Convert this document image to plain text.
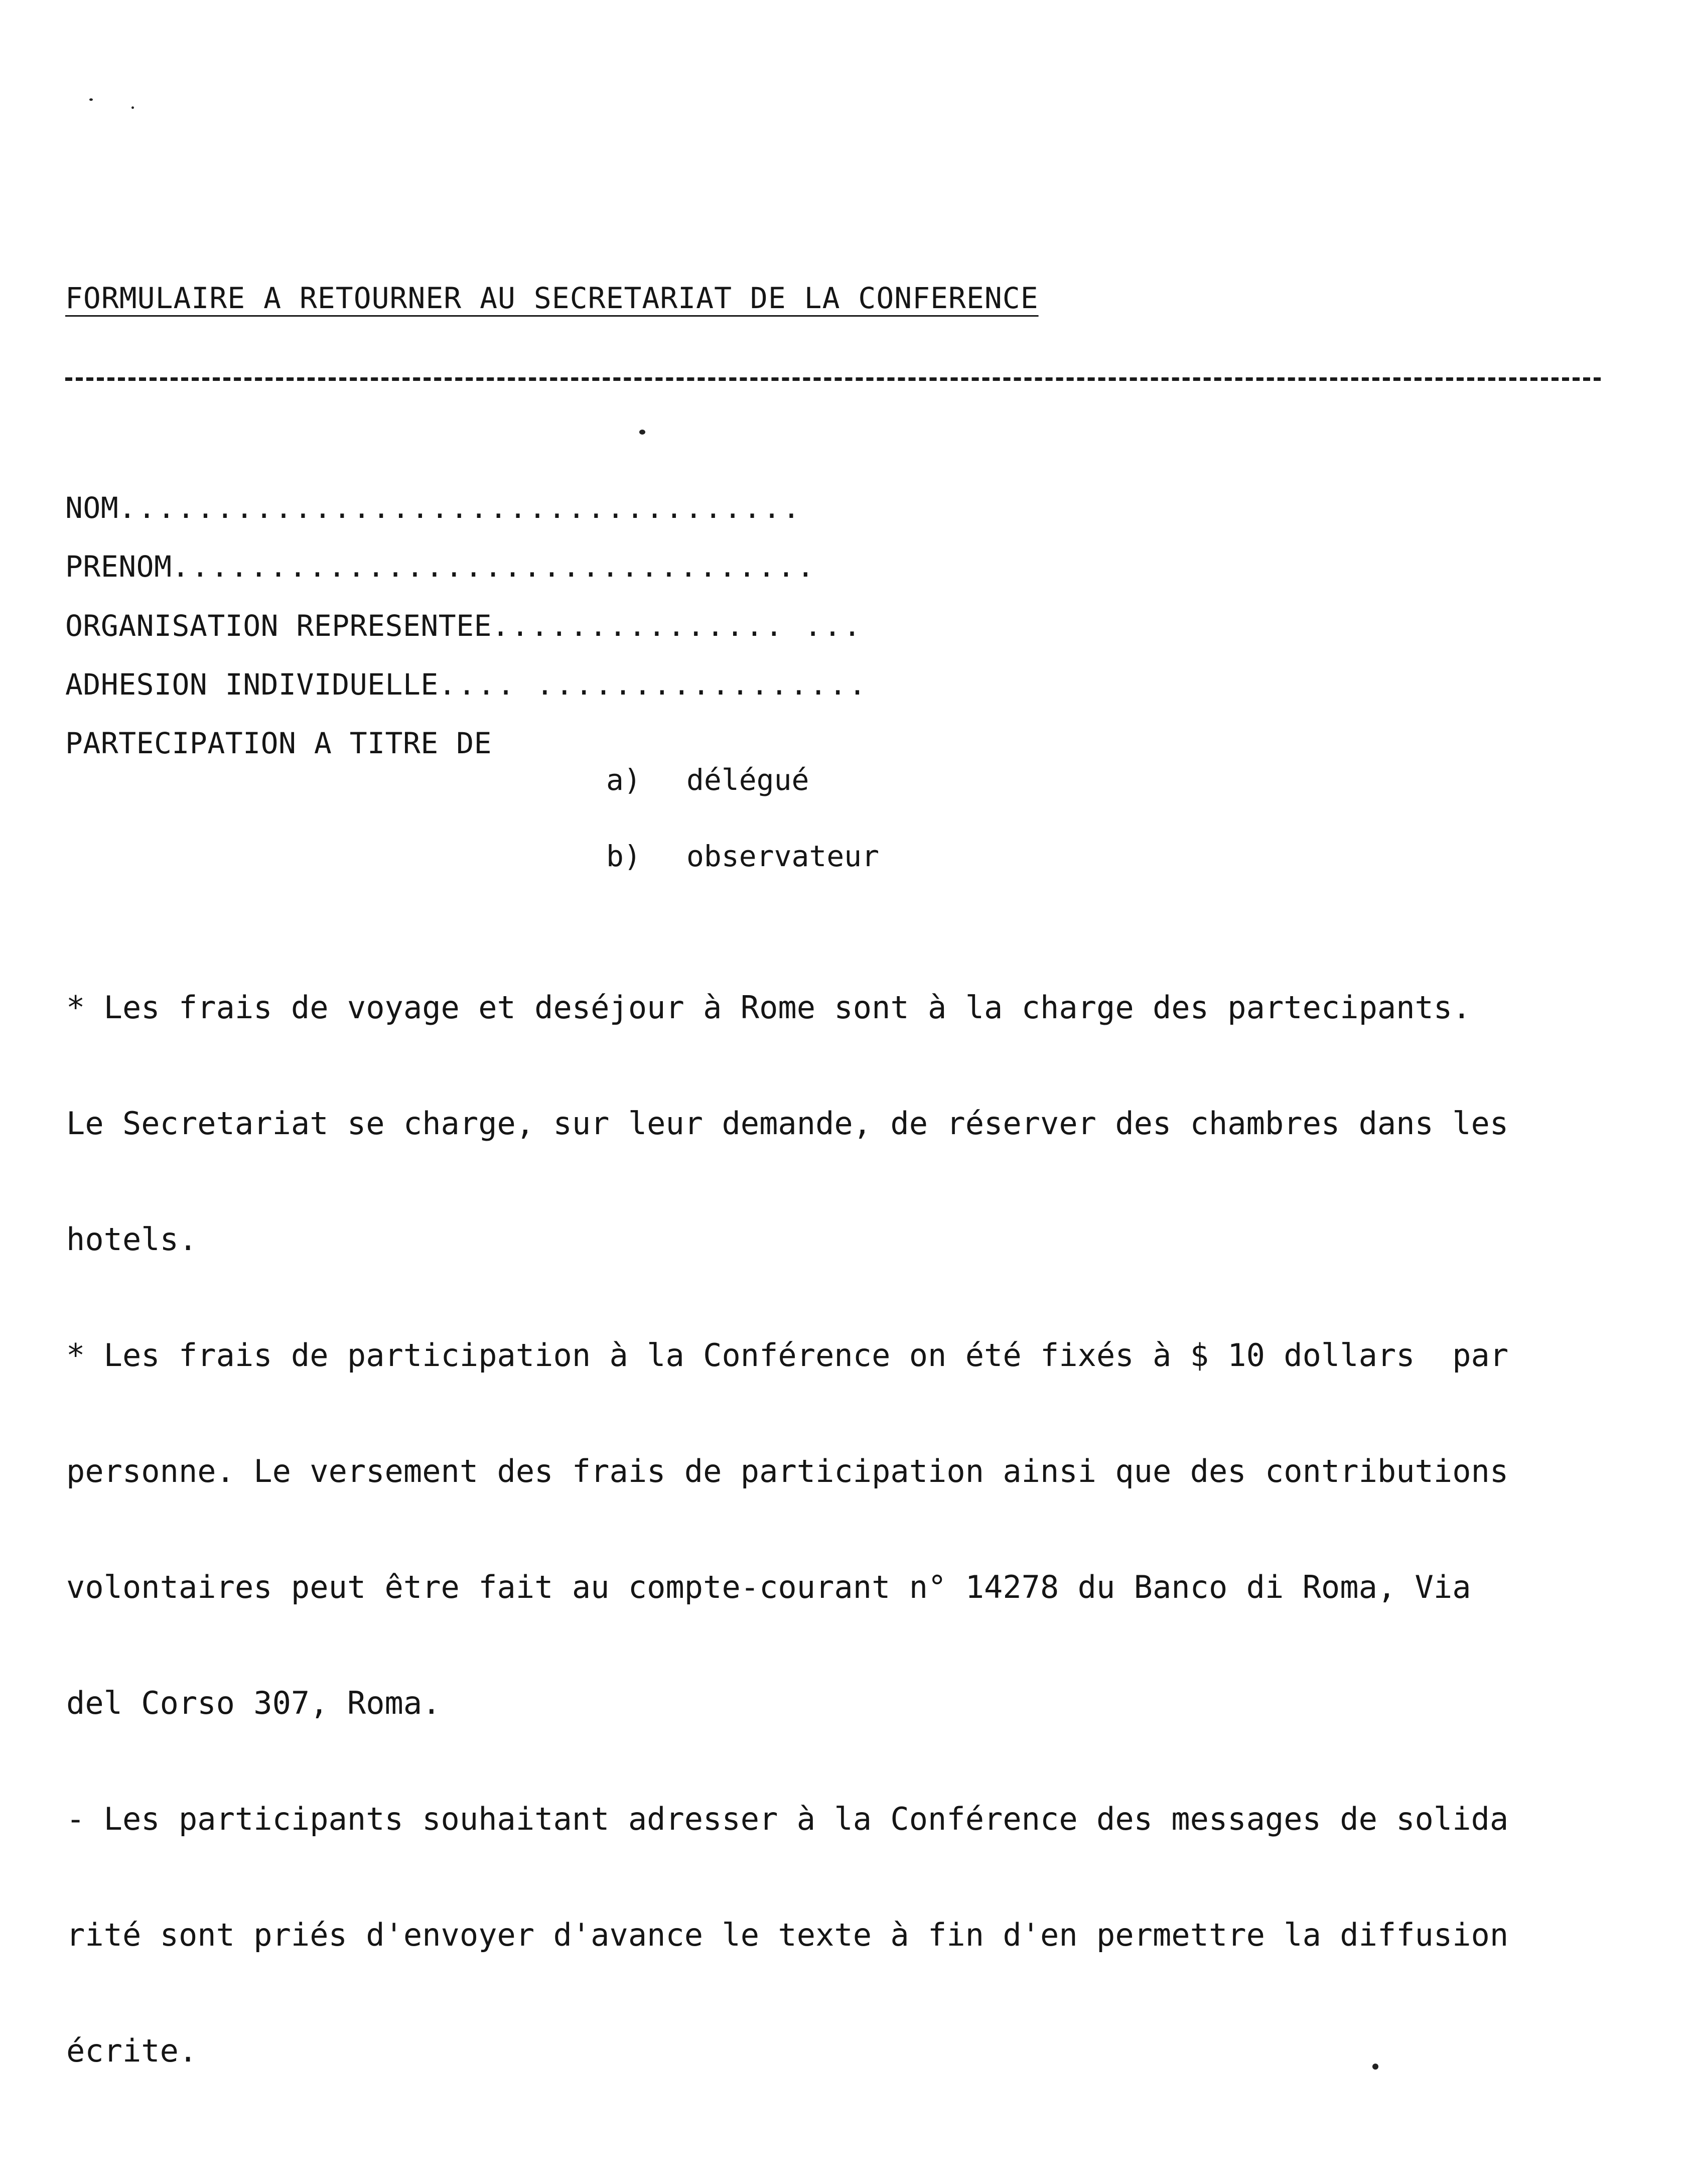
FORMULAIRE A RETOURNER AU SECRETARIAT DE LA CONFERENCE
NOM...................................
PRENOM.................................
ORGANISATION REPRESENTEE............... ...
ADHESION INDIVIDUELLE.... .................
PARTECIPATION A TITRE DE
a) délégué
b) observateur

* Les frais de voyage et deséjour à Rome sont à la charge des partecipants.

Le Secretariat se charge, sur leur demande, de réserver des chambres dans les

hotels.

* Les frais de participation à la Conférence on été fixés à $ 10 dollars  par

personne. Le versement des frais de participation ainsi que des contributions

volontaires peut être fait au compte-courant n° 14278 du Banco di Roma, Via

del Corso 307, Roma.

- Les participants souhaitant adresser à la Conférence des messages de solida

rité sont priés d'envoyer d'avance le texte à fin d'en permettre la diffusion

écrite.
